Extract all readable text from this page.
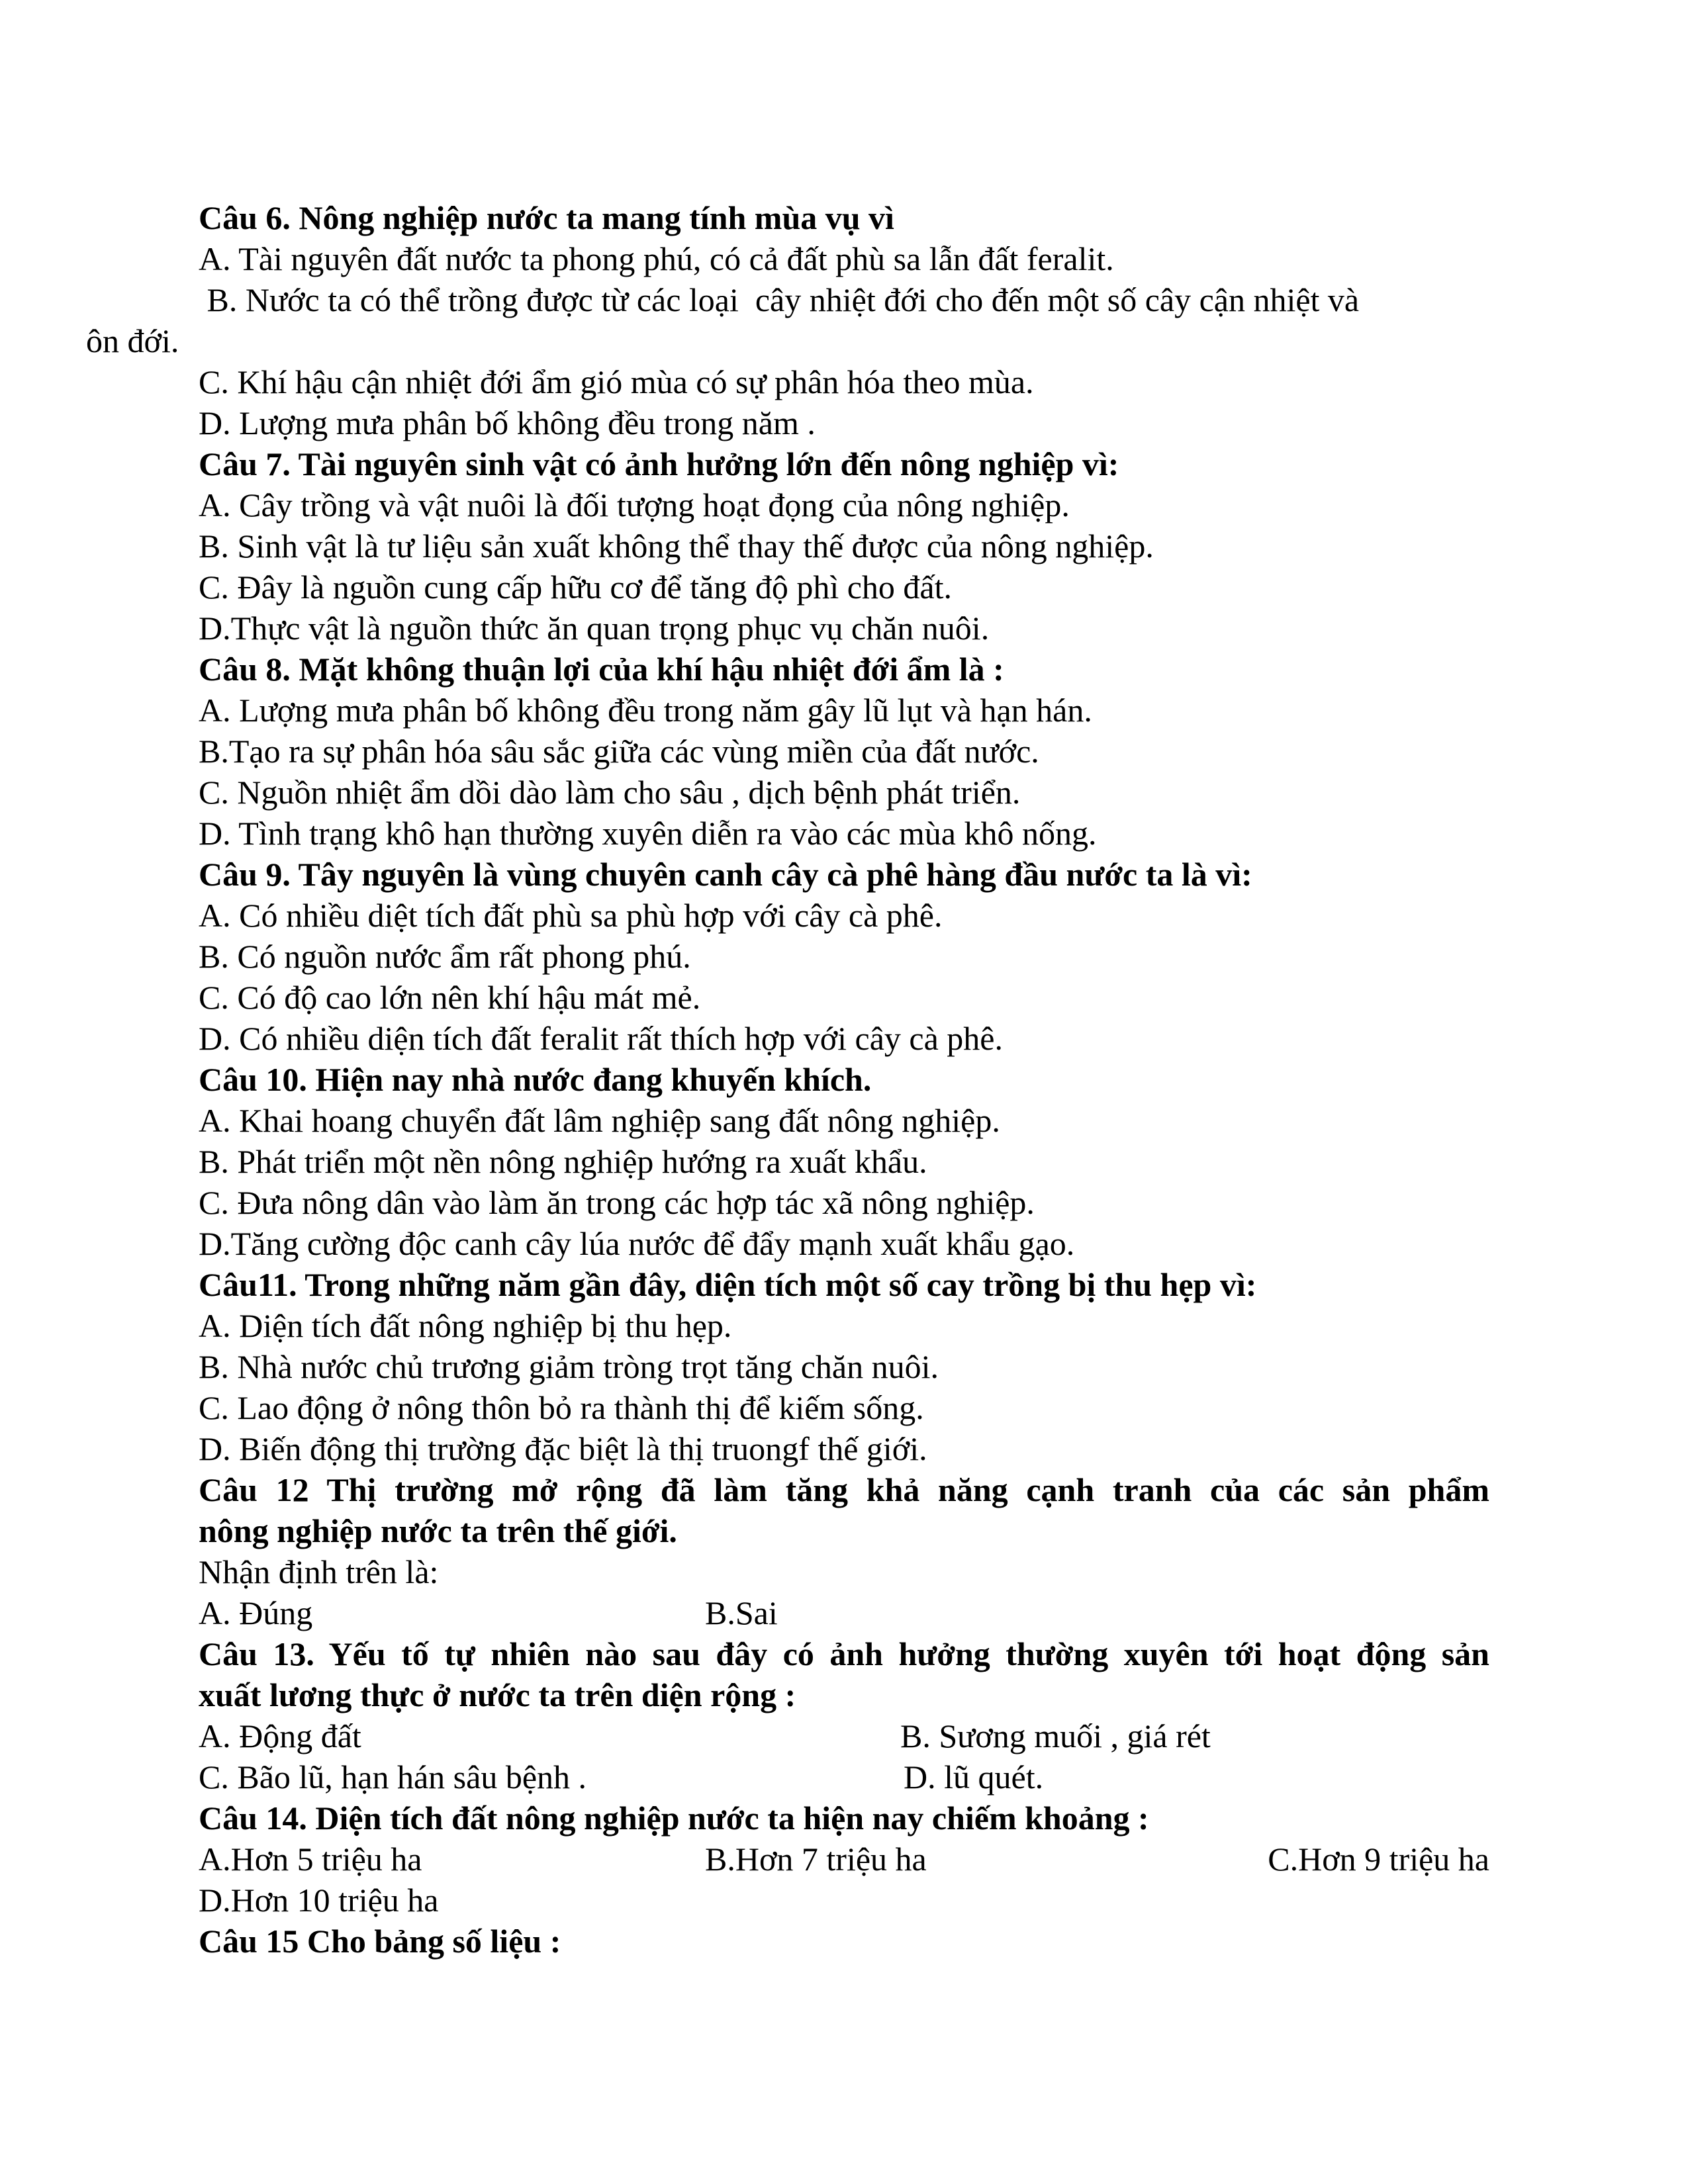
Câu 6. Nông nghiệp nước ta mang tính mùa vụ vì
A. Tài nguyên đất nước ta phong phú, có cả đất phù sa lẫn đất feralit.
B. Nước ta có thể trồng được từ các loại  cây nhiệt đới cho đến một số cây cận nhiệt và
ôn đới.
C. Khí hậu cận nhiệt đới ẩm gió mùa có sự phân hóa theo mùa.
D. Lượng mưa phân bố không đều trong năm .
Câu 7. Tài nguyên sinh vật có ảnh hưởng lớn đến nông nghiệp vì:
A. Cây trồng và vật nuôi là đối tượng hoạt đọng của nông nghiệp.
B. Sinh vật là tư liệu sản xuất không thể thay thế được của nông nghiệp.
C. Đây là nguồn cung cấp hữu cơ để tăng độ phì cho đất.
D.Thực vật là nguồn thức ăn quan trọng phục vụ chăn nuôi.
Câu 8. Mặt không thuận lợi của khí hậu nhiệt đới ẩm là :
A. Lượng mưa phân bố không đều trong năm gây lũ lụt và hạn hán.
B.Tạo ra sự phân hóa sâu sắc giữa các vùng miền của đất nước.
C. Nguồn nhiệt ẩm dồi dào làm cho sâu , dịch bệnh phát triển.
D. Tình trạng khô hạn thường xuyên diễn ra vào các mùa khô nống.
Câu 9. Tây nguyên là vùng chuyên canh cây cà phê hàng đầu nước ta là vì:
A. Có nhiều diệt tích đất phù sa phù hợp với cây cà phê.
B. Có nguồn nước ẩm rất phong phú.
C. Có độ cao lớn nên khí hậu mát mẻ.
D. Có nhiều diện tích đất feralit rất thích hợp với cây cà phê.
Câu 10. Hiện nay nhà nước đang khuyến khích.
A. Khai hoang chuyển đất lâm nghiệp sang đất nông nghiệp.
B. Phát triển một nền nông nghiệp hướng ra xuất khẩu.
C. Đưa nông dân vào làm ăn trong các hợp tác xã nông nghiệp.
D.Tăng cường độc canh cây lúa nước để đẩy mạnh xuất khẩu gạo.
Câu11. Trong những năm gần đây, diện tích một số cay trồng bị thu hẹp vì:
A. Diện tích đất nông nghiệp bị thu hẹp.
B. Nhà nước chủ trương giảm tròng trọt tăng chăn nuôi.
C. Lao động ở nông thôn bỏ ra thành thị để kiếm sống.
D. Biến động thị trường đặc biệt là thị truongf thế giới.
Câu 12 Thị trường mở rộng đã làm tăng khả năng cạnh tranh của các sản phẩm
nông nghiệp nước ta trên thế giới.
Nhận định trên là:
A. Đúng	B.Sai
Câu 13. Yếu tố tự nhiên nào sau đây có ảnh hưởng thường xuyên tới hoạt động sản
xuất lương thực ở nước ta trên diện rộng :
A. Động đất	B. Sương muối , giá rét
C. Bão lũ, hạn hán sâu bệnh .	D. lũ quét.
Câu 14. Diện tích đất nông nghiệp nước ta hiện nay chiếm khoảng :
A.Hơn 5 triệu ha	B.Hơn 7 triệu ha	C.Hơn 9 triệu ha
D.Hơn 10 triệu ha
Câu 15 Cho bảng số liệu :
